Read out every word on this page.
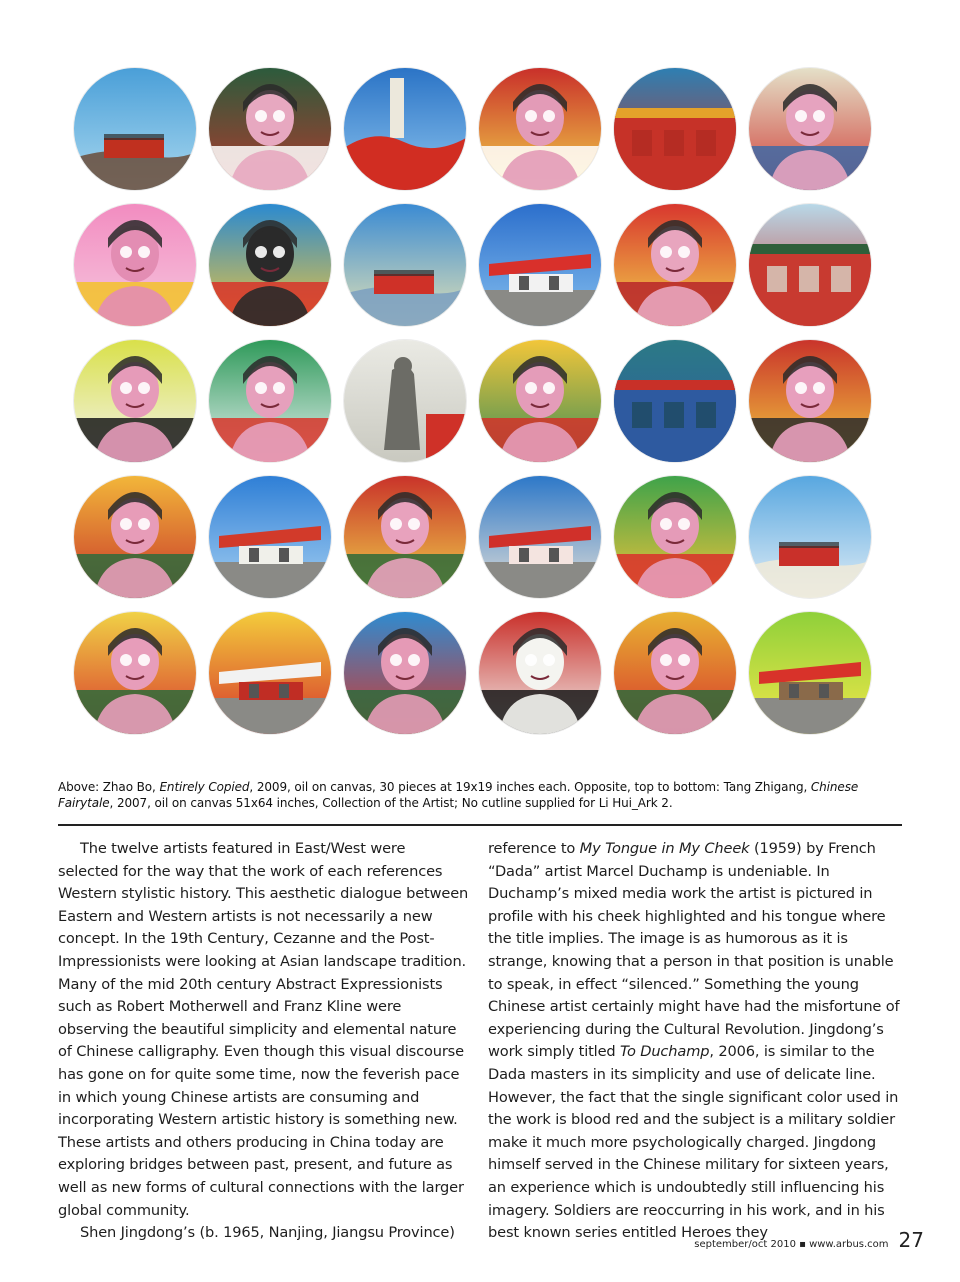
Above: Zhao Bo, Entirely Copied, 2009, oil on canvas, 30 pieces at 19x19 inches each. Opposite, top to bottom: Tang Zhigang, Chinese Fairytale, 2007, oil on canvas 51x64 inches, Collection of the Artist; No cutline supplied for Li Hui_Ark 2.

The twelve artists featured in East/West were selected for the way that the work of each references Western stylistic history. This aesthetic dialogue between Eastern and Western artists is not necessarily a new concept. In the 19th Century, Cezanne and the Post-Impressionists were looking at Asian landscape tradition. Many of the mid 20th century Abstract Expressionists such as Robert Motherwell and Franz Kline were observing the beautiful simplicity and elemental nature of Chinese calligraphy. Even though this visual discourse has gone on for quite some time, now the feverish pace in which young Chinese artists are consuming and incorporating Western artistic history is something new. These artists and others producing in China today are exploring bridges between past, present, and future as well as new forms of cultural connections with the larger global community.

Shen Jingdong’s (b. 1965, Nanjing, Jiangsu Province)

reference to My Tongue in My Cheek (1959) by French “Dada” artist Marcel Duchamp is undeniable. In Duchamp’s mixed media work the artist is pictured in profile with his cheek highlighted and his tongue where the title implies. The image is as humorous as it is strange, knowing that a person in that position is unable to speak, in effect “silenced.” Something the young Chinese artist certainly might have had the misfortune of experiencing during the Cultural Revolution. Jingdong’s work simply titled To Duchamp, 2006, is similar to the Dada masters in its simplicity and use of delicate line. However, the fact that the single significant color used in the work is blood red and the subject is a military soldier make it much more psychologically charged. Jingdong himself served in the Chinese military for sixteen years, an experience which is undoubtedly still influencing his imagery. Soldiers are reoccurring in his work, and in his best known series entitled Heroes they

september/oct 2010 ▪ www.arbus.com 27
